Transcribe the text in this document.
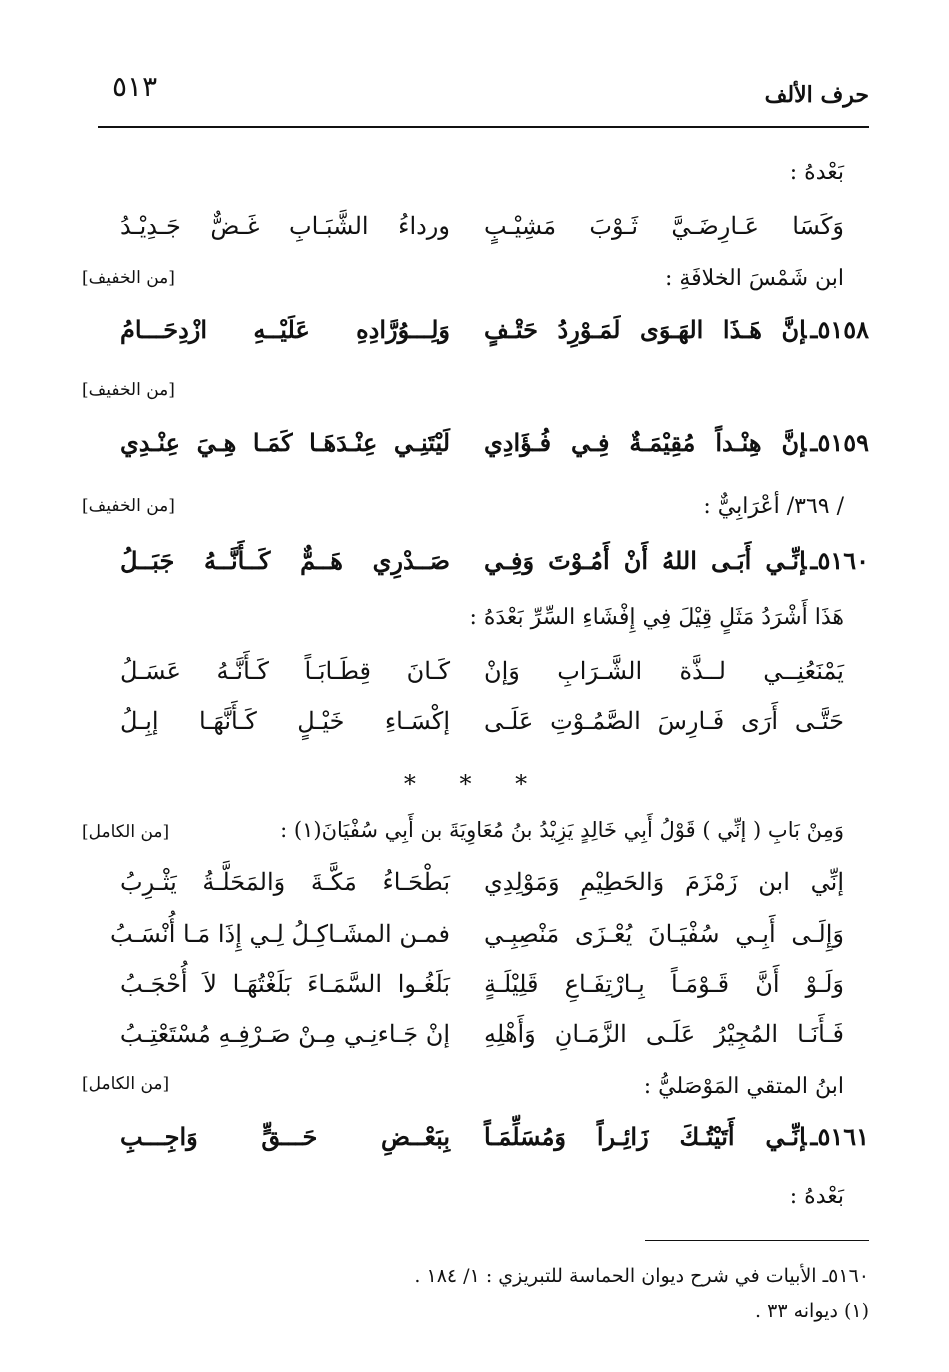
٥١٣	حرف الألف
بَعْدهُ :
وَكَسَا عَـارِضَـيَّ ثَـوْبَ مَشِيْـبٍ
ورداءُ الشَّبَـابِ غَـضٌّ جَـدِيْـدُ
ابن شَمْسَ الخلافَةِ :
[من الخفيف]
٥١٥٨ـإنَّ هَـذَا الهَـوَى لَمَـوْرِدُ حَتْـفٍ
وَلِـــوُرَّادِهِ عَلَيْــهِ ازْدِحَـــامُ
[من الخفيف]
٥١٥٩ـإنَّ هِنْـداً مُقِيْمَـةٌ فِـي فُـؤَادِي
لَيْتَنِـي عِنْـدَهَـا كَمَـا هِـيَ عِنْـدِي
/ ٣٦٩/ أعْرَابِيٌّ :
[من الخفيف]
٥١٦٠ـإنِّـي أَبَـى اللهُ أَنْ أَمُـوْتَ وَفِـي
صَــدْرِي هَــمٌّ كَــأَنَّــهُ جَبَــلُ
هَذَا أَشْرَدُ مَثَلٍ قِيْلَ فِي إِفْشَاءِ السِّرِّ بَعْدَهُ :
يَمْنَعُنِــي لــذَّة الشَّـرَابِ وَإنْ
كَـانَ قِطَـابَـاً كَـأَنَّـهُ عَسَـلُ
حَتَّـى أَرَى فَـارِسَ الصَّمُـوْتِ عَلَـى
إكْسَـاءِ خَيْـلٍ كَـأَنَّهَـا إبِـلُ
* * *
وَمِنْ بَابِ ( إنِّي ) قَوْلُ أَبِي خَالِدٍ يَزِيْدُ بنُ مُعَاوِيَةَ بن أَبِي سُفْيَانَ(١) :
[من الكامل]
إنِّي ابن زَمْزَمَ وَالحَطِيْمِ وَمَوْلِدِي
بَطْحَـاءُ مَكَّـةَ وَالمَحَلَّـةُ يَثْـرِبُ
وَإِلَـى أَبِـي سُفْيَـانَ يُعْـزَى مَنْصِبِـي
فمـن المشَـاكِـلُ لِـي إِذَا مَـا أُنْسَـبُ
وَلَـوْ أَنَّ قَـوْمَـاً بِـارْتِفَـاعِ قَلِيْلَـةٍ
بَلَغُـوا السَّمَـاءَ بَلَغْتُهَـا لاَ أُحْجَـبُ
فَـأَنَـا المُجِيْرُ عَلَـى الزَّمَـانِ وَأَهْلِهِ
إنْ جَـاءنِـي مِـنْ صَـرْفِـهِ مُسْتَعْتِـبُ
ابنُ المتقي المَوْصَليُّ :
[من الكامل]
٥١٦١ـإنِّـي أَتَيْتُـكَ زَائِـراً وَمُسَلِّمَـاً
بِبَعْــضِ حَـــقٍّ وَاجِـــبِ
بَعْدهُ :
٥١٦٠ـ الأبيات في شرح ديوان الحماسة للتبريزي : ١/ ١٨٤ .
(١) ديوانه ٣٣ .
